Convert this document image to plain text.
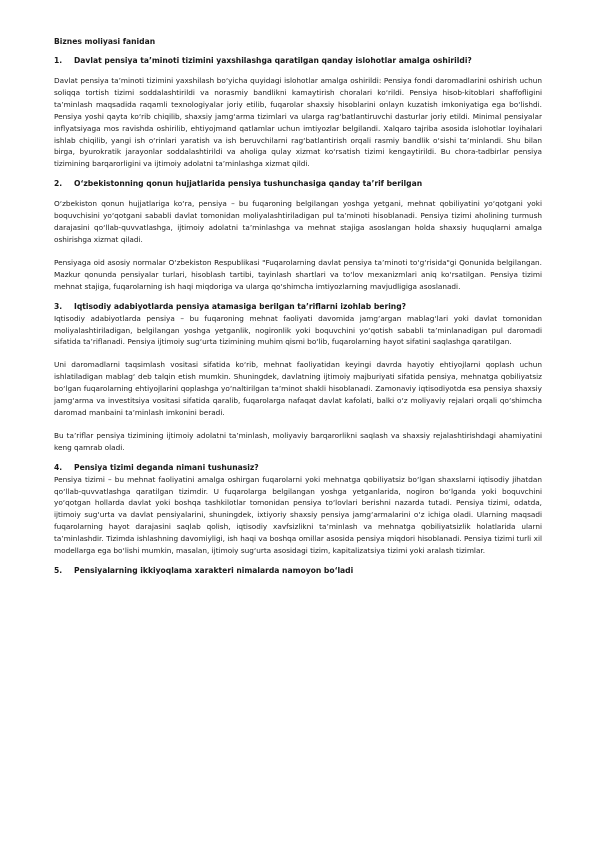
Biznes moliyasi fanidan
1.	Davlat pensiya ta’minoti tizimini yaxshilashga qaratilgan qanday islohotlar amalga oshirildi?

Davlat pensiya ta’minoti tizimini yaxshilash bo‘yicha quyidagi islohotlar amalga oshirildi: Pensiya fondi daromadlarini oshirish uchun soliqqa tortish tizimi soddalashtirildi va norasmiy bandlikni kamaytirish choralari ko‘rildi. Pensiya hisob-kitoblari shaffofligini ta’minlash maqsadida raqamli texnologiyalar joriy etilib, fuqarolar shaxsiy hisoblarini onlayn kuzatish imkoniyatiga ega bo‘lishdi. Pensiya yoshi qayta ko‘rib chiqilib, shaxsiy jamg‘arma tizimlari va ularga rag‘batlantiruvchi dasturlar joriy etildi. Minimal pensiyalar inflyatsiyaga mos ravishda oshirilib, ehtiyojmand qatlamlar uchun imtiyozlar belgilandi. Xalqaro tajriba asosida islohotlar loyihalari ishlab chiqilib, yangi ish o‘rinlari yaratish va ish beruvchilarni rag‘batlantirish orqali rasmiy bandlik o‘sishi ta’minlandi. Shu bilan birga, byurokratik jarayonlar soddalashtirildi va aholiga qulay xizmat ko‘rsatish tizimi kengaytirildi. Bu chora-tadbirlar pensiya tizimining barqarorligini va ijtimoiy adolatni ta’minlashga xizmat qildi.

2.	O‘zbekistonning qonun hujjatlarida pensiya tushunchasiga qanday ta’rif berilgan

O‘zbekiston qonun hujjatlariga ko‘ra, pensiya – bu fuqaroning belgilangan yoshga yetgani, mehnat qobiliyatini yo‘qotgani yoki boquvchisini yo‘qotgani sababli davlat tomonidan moliyalashtiriladigan pul ta’minoti hisoblanadi. Pensiya tizimi aholining turmush darajasini qo‘llab-quvvatlashga, ijtimoiy adolatni ta’minlashga va mehnat stajiga asoslangan holda shaxsiy huquqlarni amalga oshirishga xizmat qiladi.

Pensiyaga oid asosiy normalar O‘zbekiston Respublikasi "Fuqarolarning davlat pensiya ta’minoti to‘g‘risida"gi Qonunida belgilangan. Mazkur qonunda pensiyalar turlari, hisoblash tartibi, tayinlash shartlari va to‘lov mexanizmlari aniq ko‘rsatilgan. Pensiya tizimi mehnat stajiga, fuqarolarning ish haqi miqdoriga va ularga qo‘shimcha imtiyozlarning mavjudligiga asoslanadi.

3.	Iqtisodiy adabiyotlarda pensiya atamasiga berilgan ta’riflarni izohlab bering?

Iqtisodiy adabiyotlarda pensiya – bu fuqaroning mehnat faoliyati davomida jamg‘argan mablag‘lari yoki davlat tomonidan moliyalashtiriladigan, belgilangan yoshga yetganlik, nogironlik yoki boquvchini yo‘qotish sababli ta’minlanadigan pul daromadi sifatida ta’riflanadi. Pensiya ijtimoiy sug‘urta tizimining muhim qismi bo‘lib, fuqarolarning hayot sifatini saqlashga qaratilgan.

Uni daromadlarni taqsimlash vositasi sifatida ko‘rib, mehnat faoliyatidan keyingi davrda hayotiy ehtiyojlarni qoplash uchun ishlatiladigan mablag‘ deb talqin etish mumkin. Shuningdek, davlatning ijtimoiy majburiyati sifatida pensiya, mehnatga qobiliyatsiz bo‘lgan fuqarolarning ehtiyojlarini qoplashga yo‘naltirilgan ta’minot shakli hisoblanadi. Zamonaviy iqtisodiyotda esa pensiya shaxsiy jamg‘arma va investitsiya vositasi sifatida qaralib, fuqarolarga nafaqat davlat kafolati, balki o‘z moliyaviy rejalari orqali qo‘shimcha daromad manbaini ta’minlash imkonini beradi.

Bu ta’riflar pensiya tizimining ijtimoiy adolatni ta’minlash, moliyaviy barqarorlikni saqlash va shaxsiy rejalashtirishdagi ahamiyatini keng qamrab oladi.

4.	Pensiya tizimi deganda nimani tushunasiz?

Pensiya tizimi – bu mehnat faoliyatini amalga oshirgan fuqarolarni yoki mehnatga qobiliyatsiz bo‘lgan shaxslarni iqtisodiy jihatdan qo‘llab-quvvatlashga qaratilgan tizimdir. U fuqarolarga belgilangan yoshga yetganlarida, nogiron bo‘lganda yoki boquvchini yo‘qotgan hollarda davlat yoki boshqa tashkilotlar tomonidan pensiya to‘lovlari berishni nazarda tutadi. Pensiya tizimi, odatda, ijtimoiy sug‘urta va davlat pensiyalarini, shuningdek, ixtiyoriy shaxsiy pensiya jamg‘armalarini o‘z ichiga oladi. Ularning maqsadi fuqarolarning hayot darajasini saqlab qolish, iqtisodiy xavfsizlikni ta’minlash va mehnatga qobiliyatsizlik holatlarida ularni ta’minlashdir. Tizimda ishlashning davomiyligi, ish haqi va boshqa omillar asosida pensiya miqdori hisoblanadi. Pensiya tizimi turli xil modellarga ega bo‘lishi mumkin, masalan, ijtimoiy sug‘urta asosidagi tizim, kapitalizatsiya tizimi yoki aralash tizimlar.

5.	Pensiyalarning ikkiyoqlama xarakteri nimalarda namoyon bo‘ladi
